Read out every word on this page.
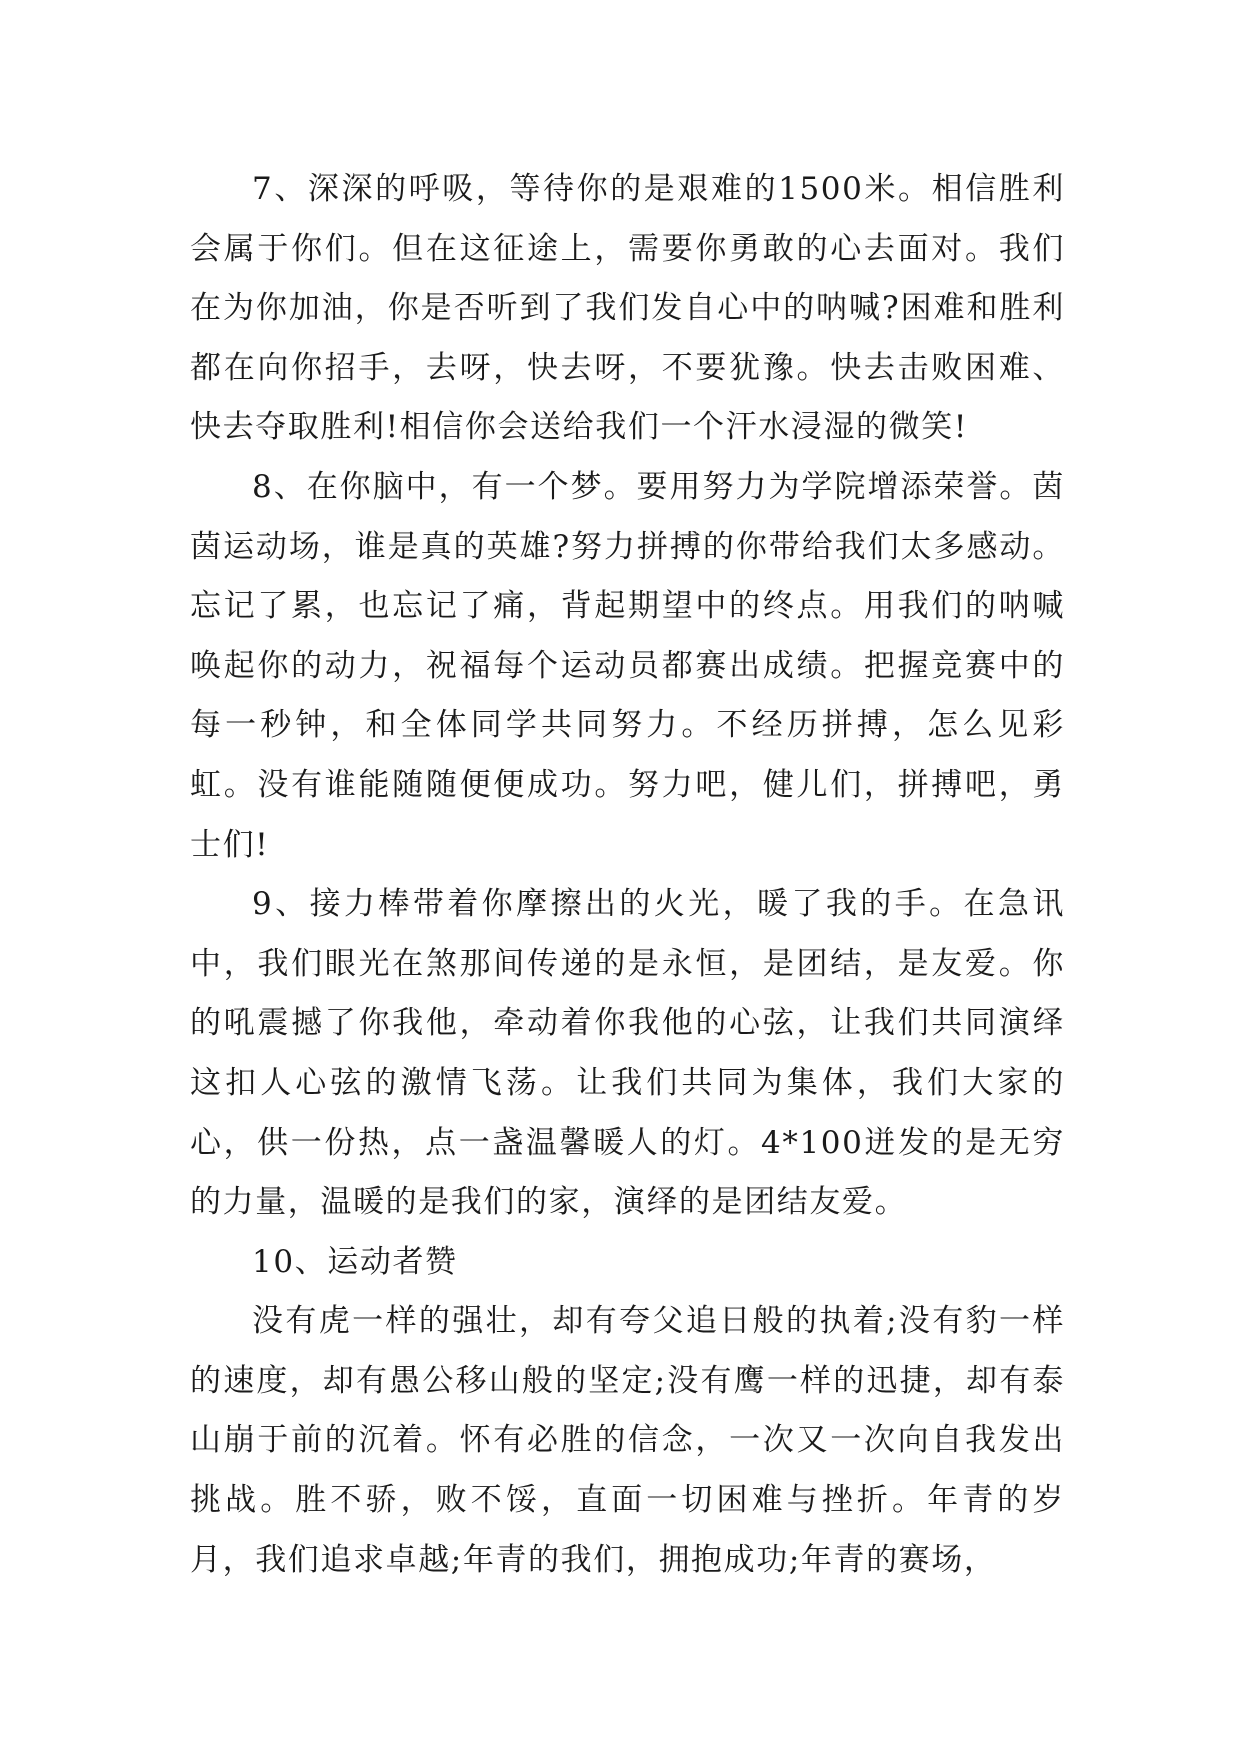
7、深深的呼吸，等待你的是艰难的1500米。相信胜利会属于你们。但在这征途上，需要你勇敢的心去面对。我们在为你加油，你是否听到了我们发自心中的呐喊?困难和胜利都在向你招手，去呀，快去呀，不要犹豫。快去击败困难、快去夺取胜利!相信你会送给我们一个汗水浸湿的微笑!

8、在你脑中，有一个梦。要用努力为学院增添荣誉。茵茵运动场，谁是真的英雄?努力拼搏的你带给我们太多感动。忘记了累，也忘记了痛，背起期望中的终点。用我们的呐喊唤起你的动力，祝福每个运动员都赛出成绩。把握竞赛中的每一秒钟，和全体同学共同努力。不经历拼搏，怎么见彩虹。没有谁能随随便便成功。努力吧，健儿们，拼搏吧，勇士们!

9、接力棒带着你摩擦出的火光，暖了我的手。在急讯中，我们眼光在煞那间传递的是永恒，是团结，是友爱。你的吼震撼了你我他，牵动着你我他的心弦，让我们共同演绎这扣人心弦的激情飞荡。让我们共同为集体，我们大家的心，供一份热，点一盏温馨暖人的灯。4*100迸发的是无穷的力量，温暖的是我们的家，演绎的是团结友爱。

10、运动者赞

没有虎一样的强壮，却有夸父追日般的执着;没有豹一样的速度，却有愚公移山般的坚定;没有鹰一样的迅捷，却有泰山崩于前的沉着。怀有必胜的信念，一次又一次向自我发出挑战。胜不骄，败不馁，直面一切困难与挫折。年青的岁月，我们追求卓越;年青的我们，拥抱成功;年青的赛场，
